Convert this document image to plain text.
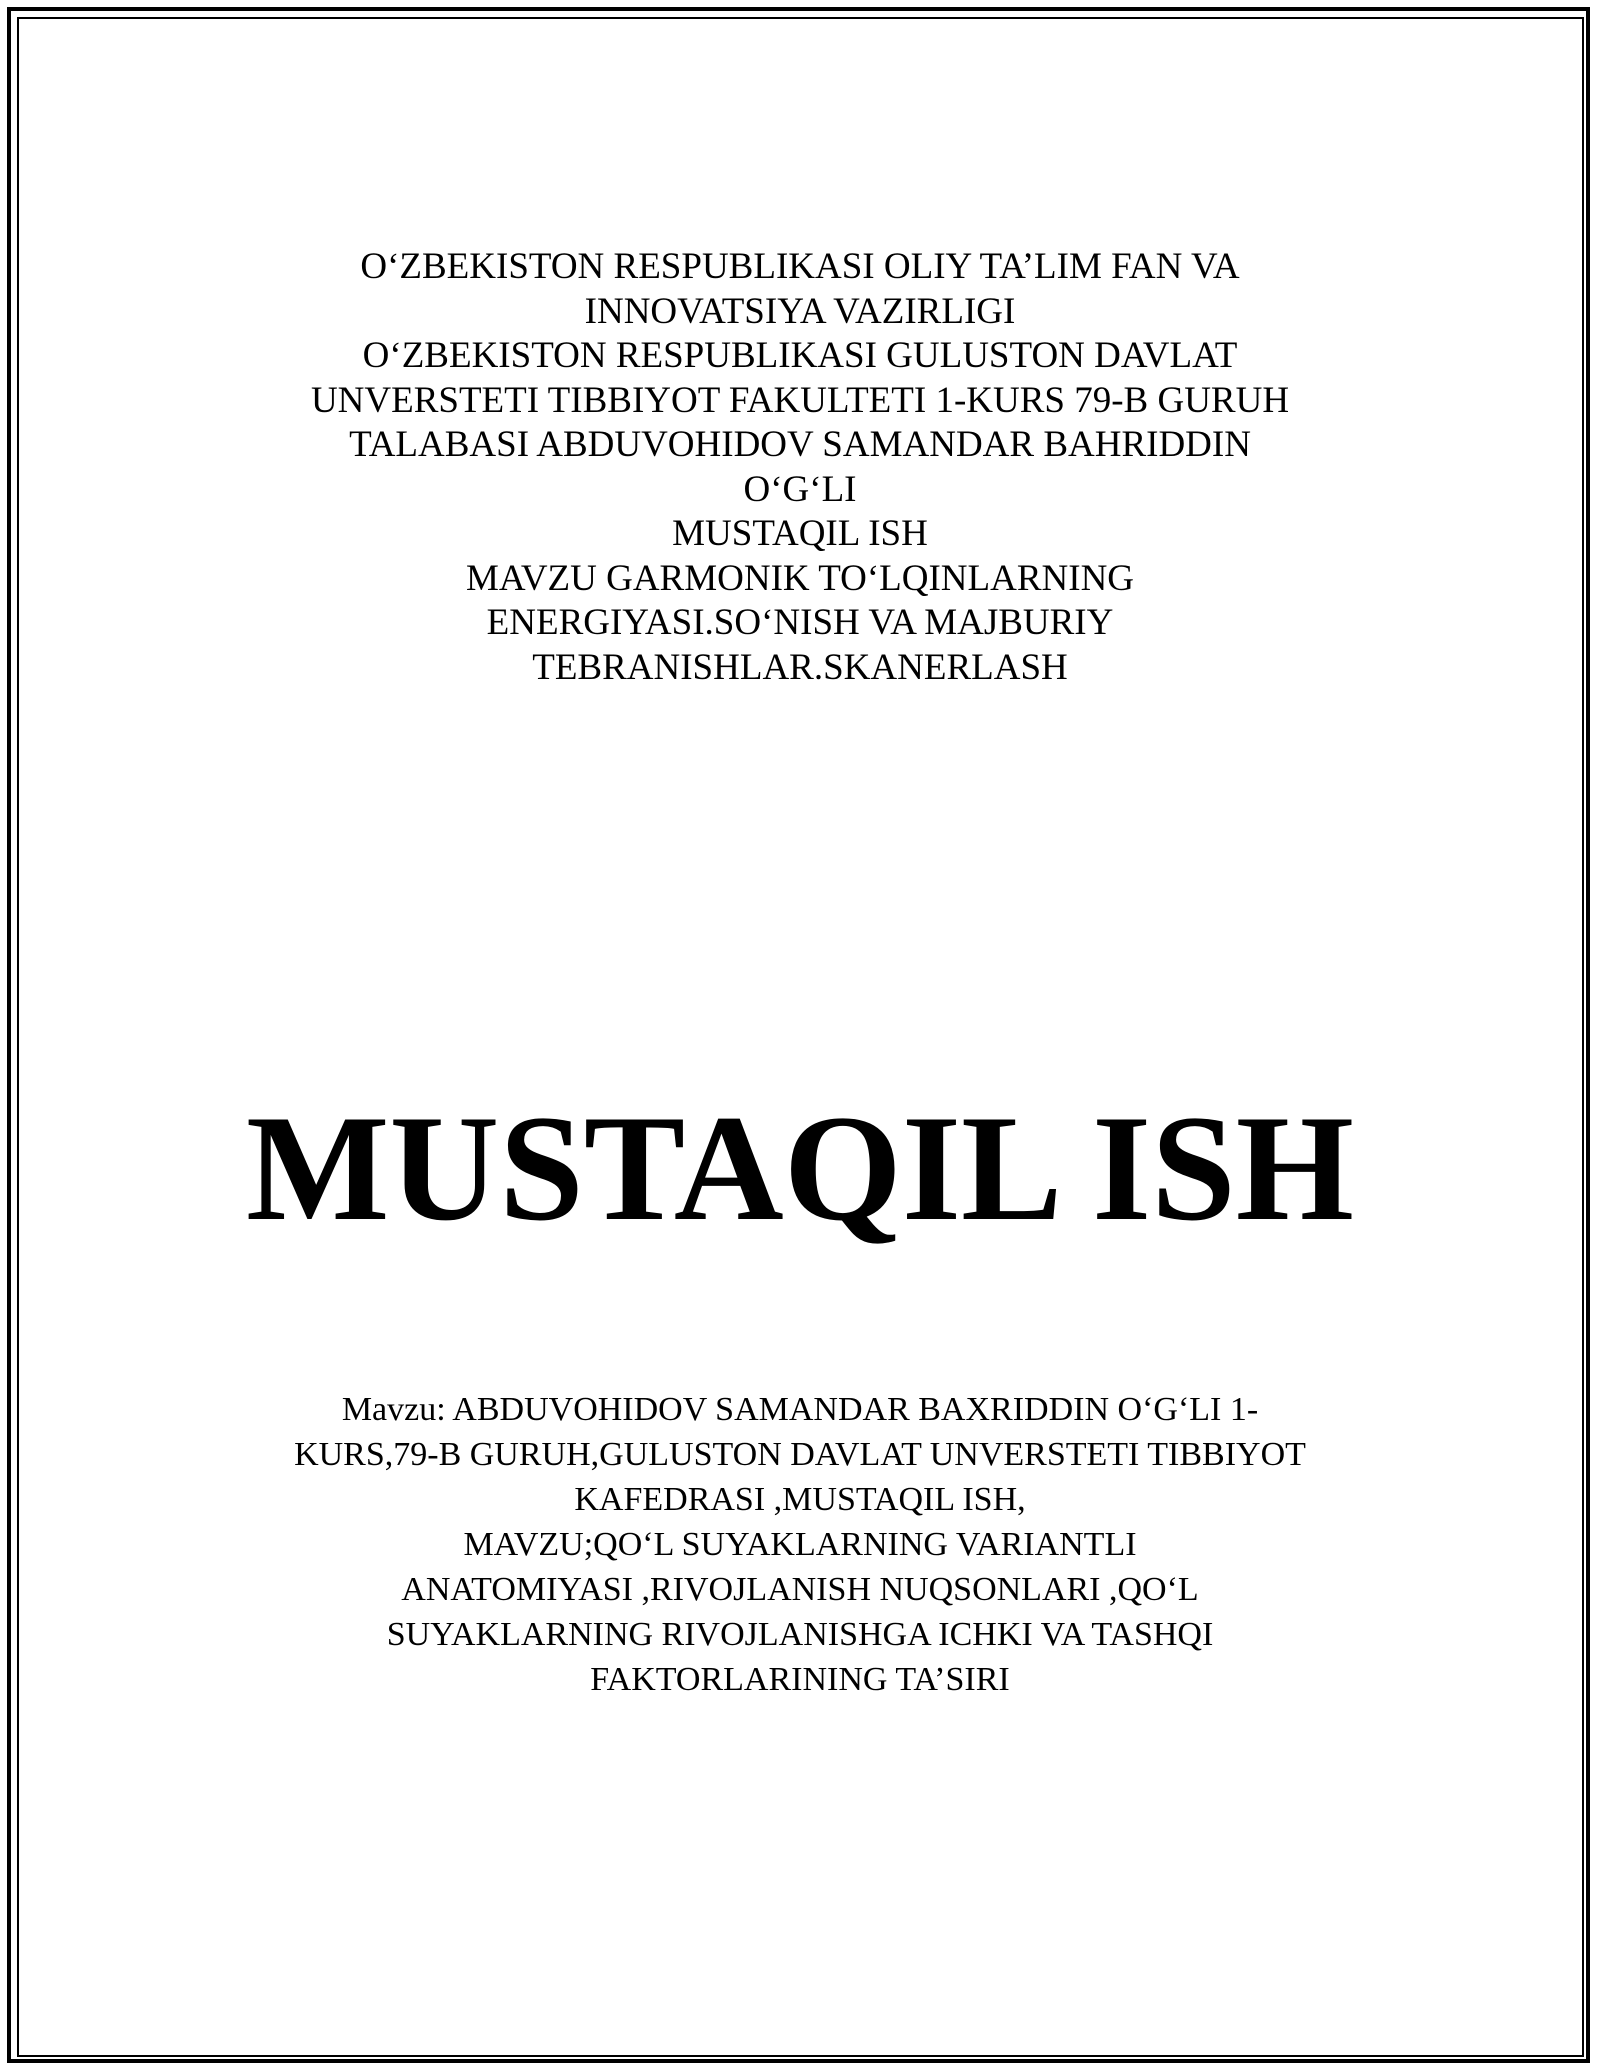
O‘ZBEKISTON RESPUBLIKASI OLIY TA’LIM FAN VA
INNOVATSIYA VAZIRLIGI
O‘ZBEKISTON RESPUBLIKASI GULUSTON DAVLAT
UNVERSTETI TIBBIYOT FAKULTETI 1-KURS 79-B GURUH
TALABASI ABDUVOHIDOV SAMANDAR BAHRIDDIN
O‘G‘LI
MUSTAQIL ISH
MAVZU GARMONIK TO‘LQINLARNING
ENERGIYASI.SO‘NISH VA MAJBURIY
TEBRANISHLAR.SKANERLASH
MUSTAQIL ISH
Mavzu: ABDUVOHIDOV SAMANDAR BAXRIDDIN O‘G‘LI 1-
KURS,79-B GURUH,GULUSTON DAVLAT UNVERSTETI TIBBIYOT
KAFEDRASI ,MUSTAQIL ISH,
MAVZU;QO‘L SUYAKLARNING VARIANTLI
ANATOMIYASI ,RIVOJLANISH NUQSONLARI ,QO‘L
SUYAKLARNING RIVOJLANISHGA ICHKI VA TASHQI
FAKTORLARINING TA’SIRI
